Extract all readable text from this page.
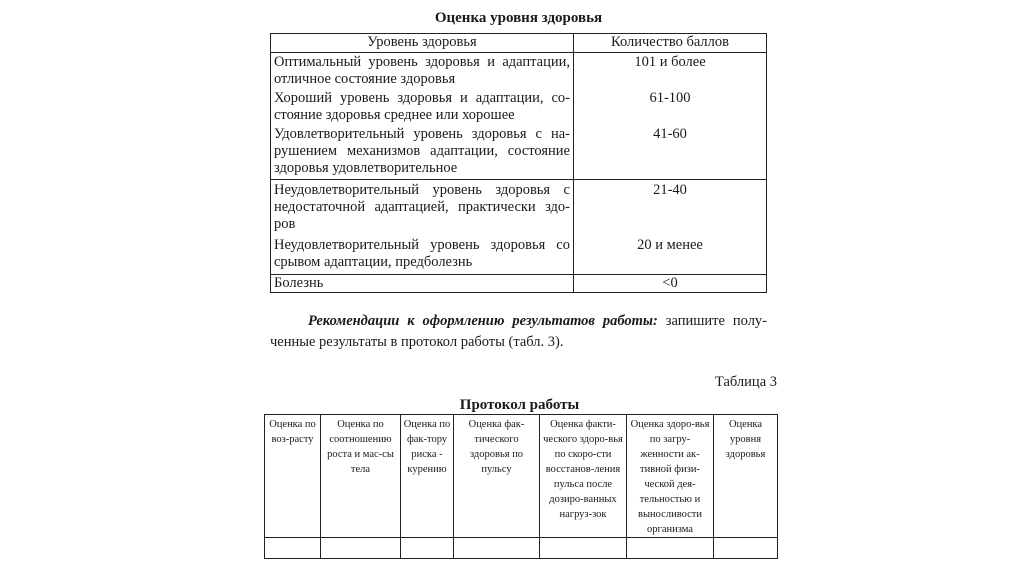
Оценка уровня здоровья
Уровень здоровья	Количество баллов
Оптимальный уровень здоровья и адаптации, отличное состояние здоровья	101 и более
Хороший уровень здоровья и адаптации, со-стояние здоровья среднее или хорошее	61-100
Удовлетворительный уровень здоровья с на-рушением механизмов адаптации, состояние здоровья удовлетворительное	41-60
Неудовлетворительный уровень здоровья с недостаточной адаптацией, практически здо-ров	21-40
Неудовлетворительный уровень здоровья со срывом адаптации, предболезнь	20 и менее
Болезнь	<0
Рекомендации к оформлению результатов работы: запишите полу-ченные результаты в протокол работы (табл. 3).
Таблица 3
Протокол работы
Оценка по воз-расту	Оценка по соотношению роста и мас-сы тела	Оценка по фак-тору риска - курению	Оценка фак-тического здоровья по пульсу	Оценка факти-ческого здоро-вья по скоро-сти восстанов-ления пульса после дозиро-ванных нагруз-зок	Оценка здоро-вья по загру-женности ак-тивной физи-ческой дея-тельностью и выносливости организма	Оценка уровня здоровья
